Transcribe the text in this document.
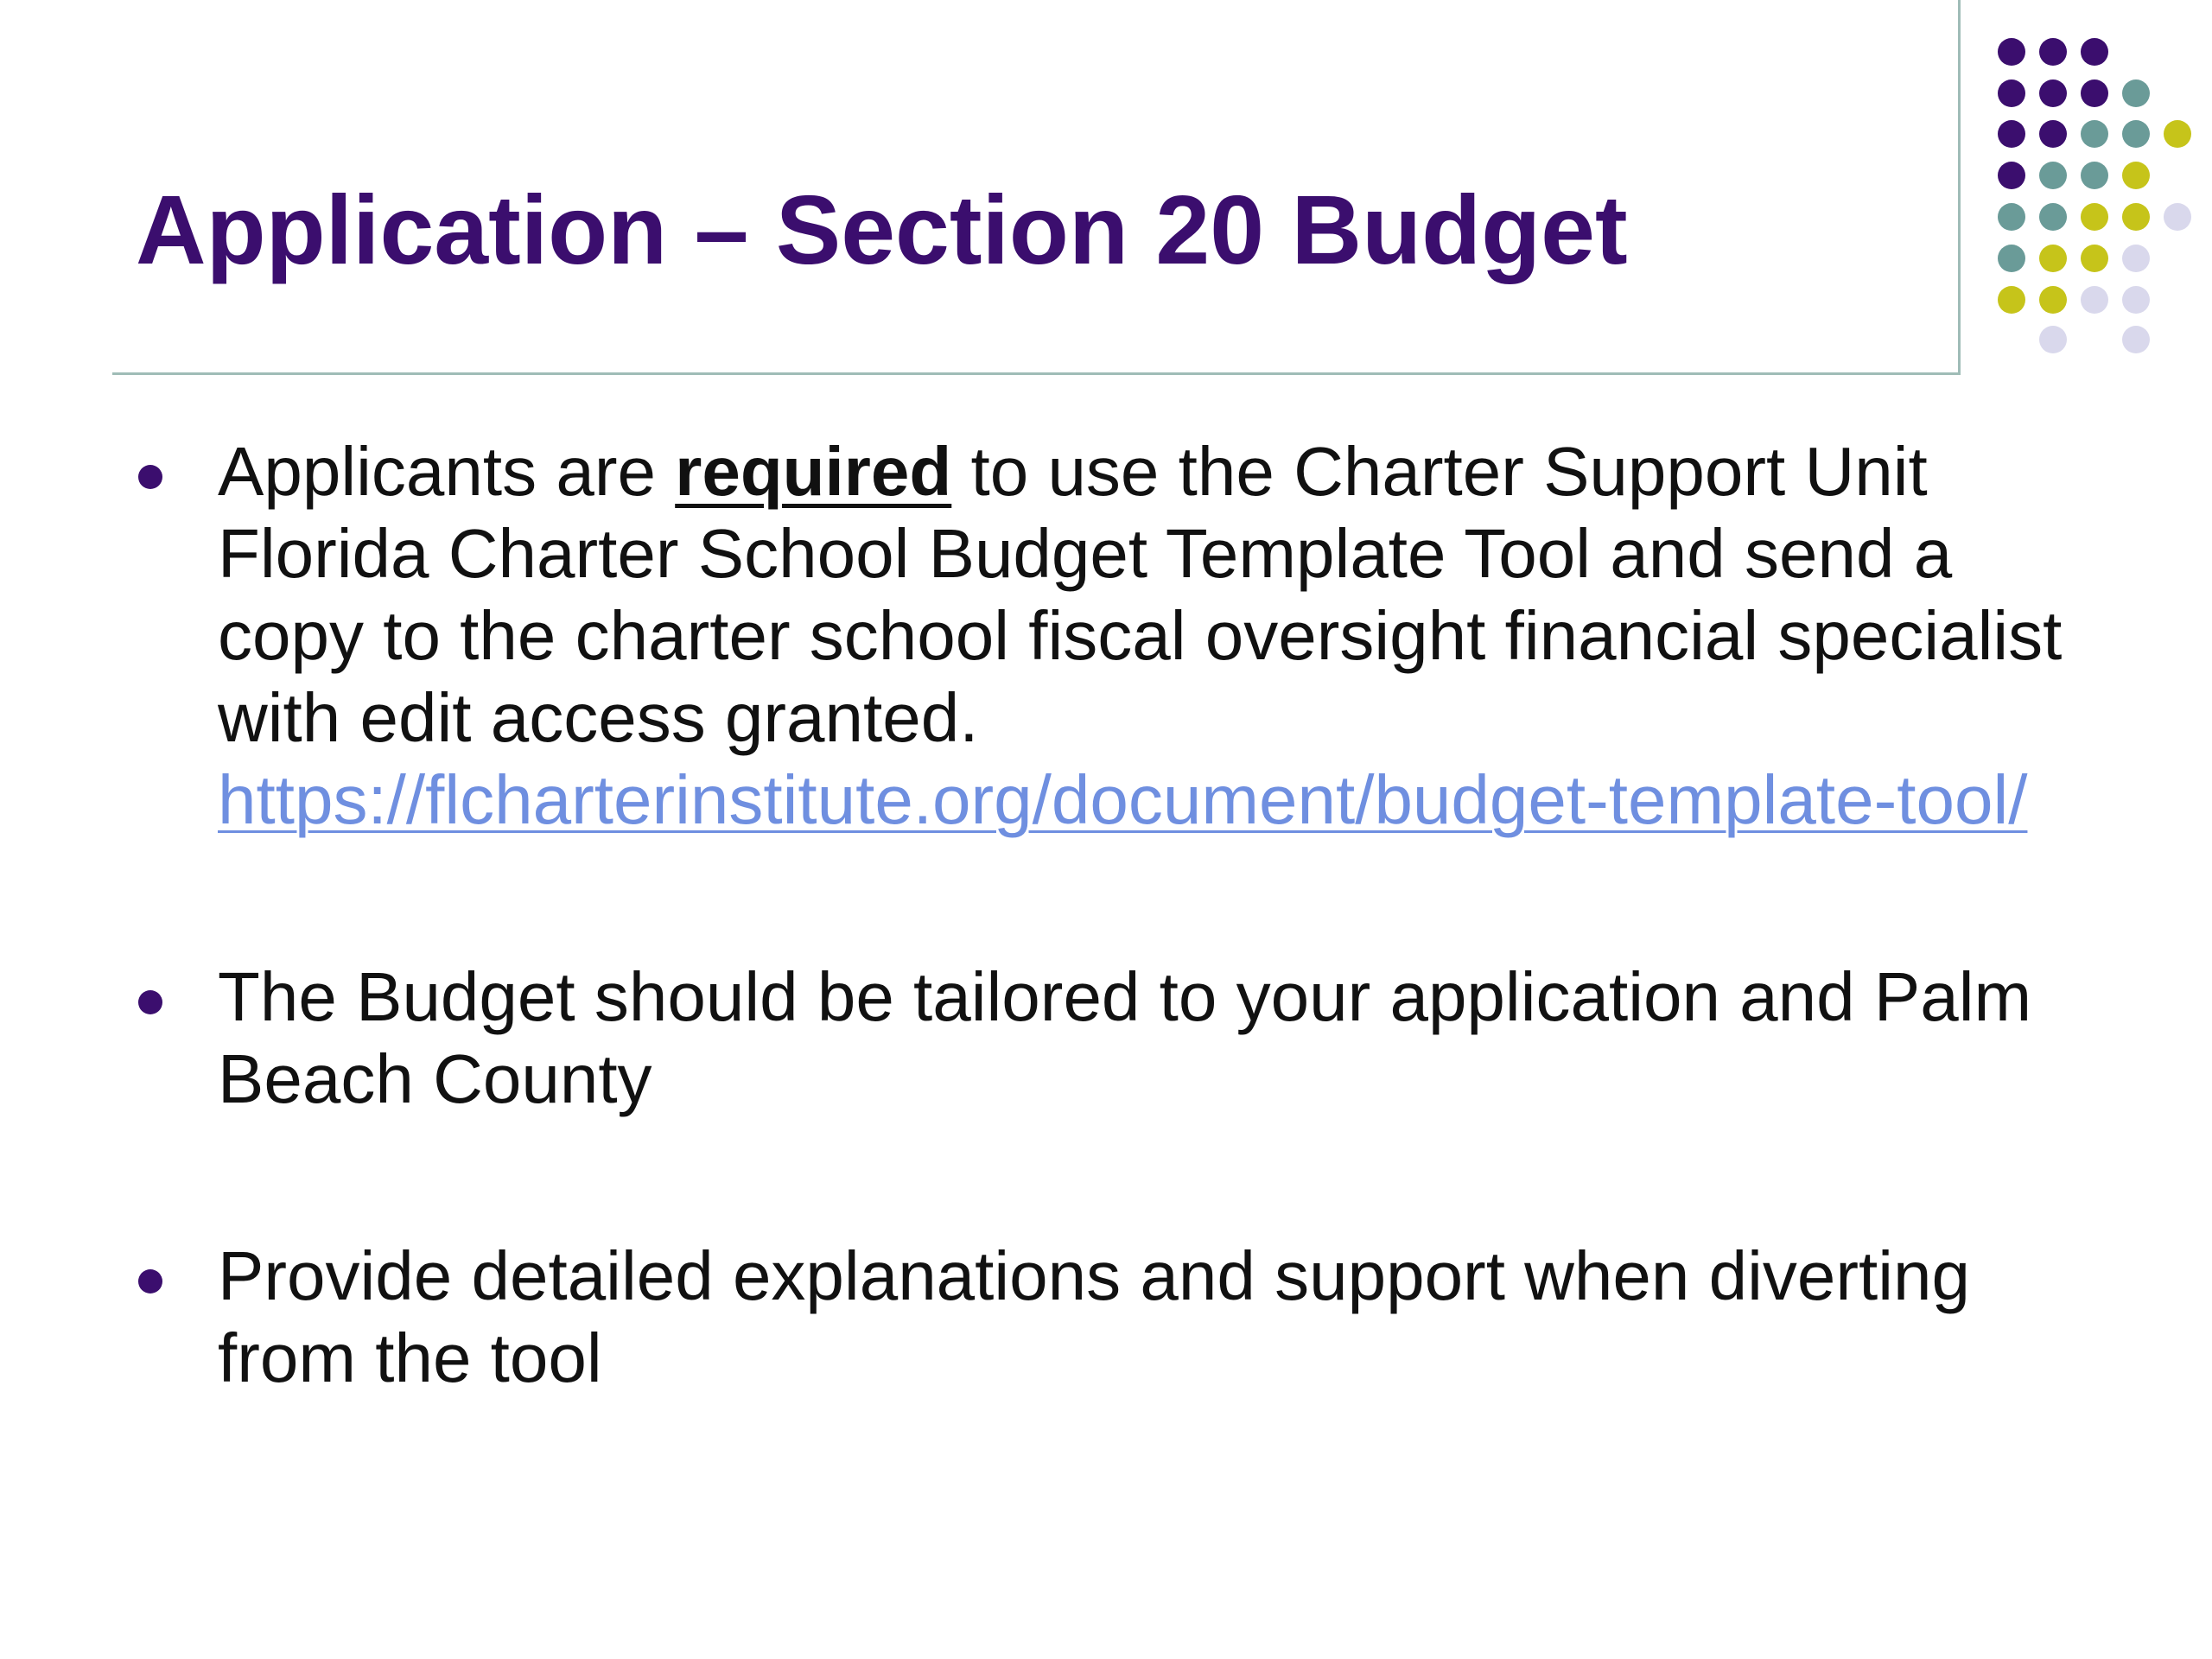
Application – Section 20 Budget
Applicants are required to use the Charter Support Unit Florida Charter School Budget Template Tool and send a copy to the charter school fiscal oversight financial specialist with edit access granted.
https://flcharterinstitute.org/document/budget-template-tool/
The Budget should be tailored to your application and Palm Beach County
Provide detailed explanations and support when diverting from the tool
